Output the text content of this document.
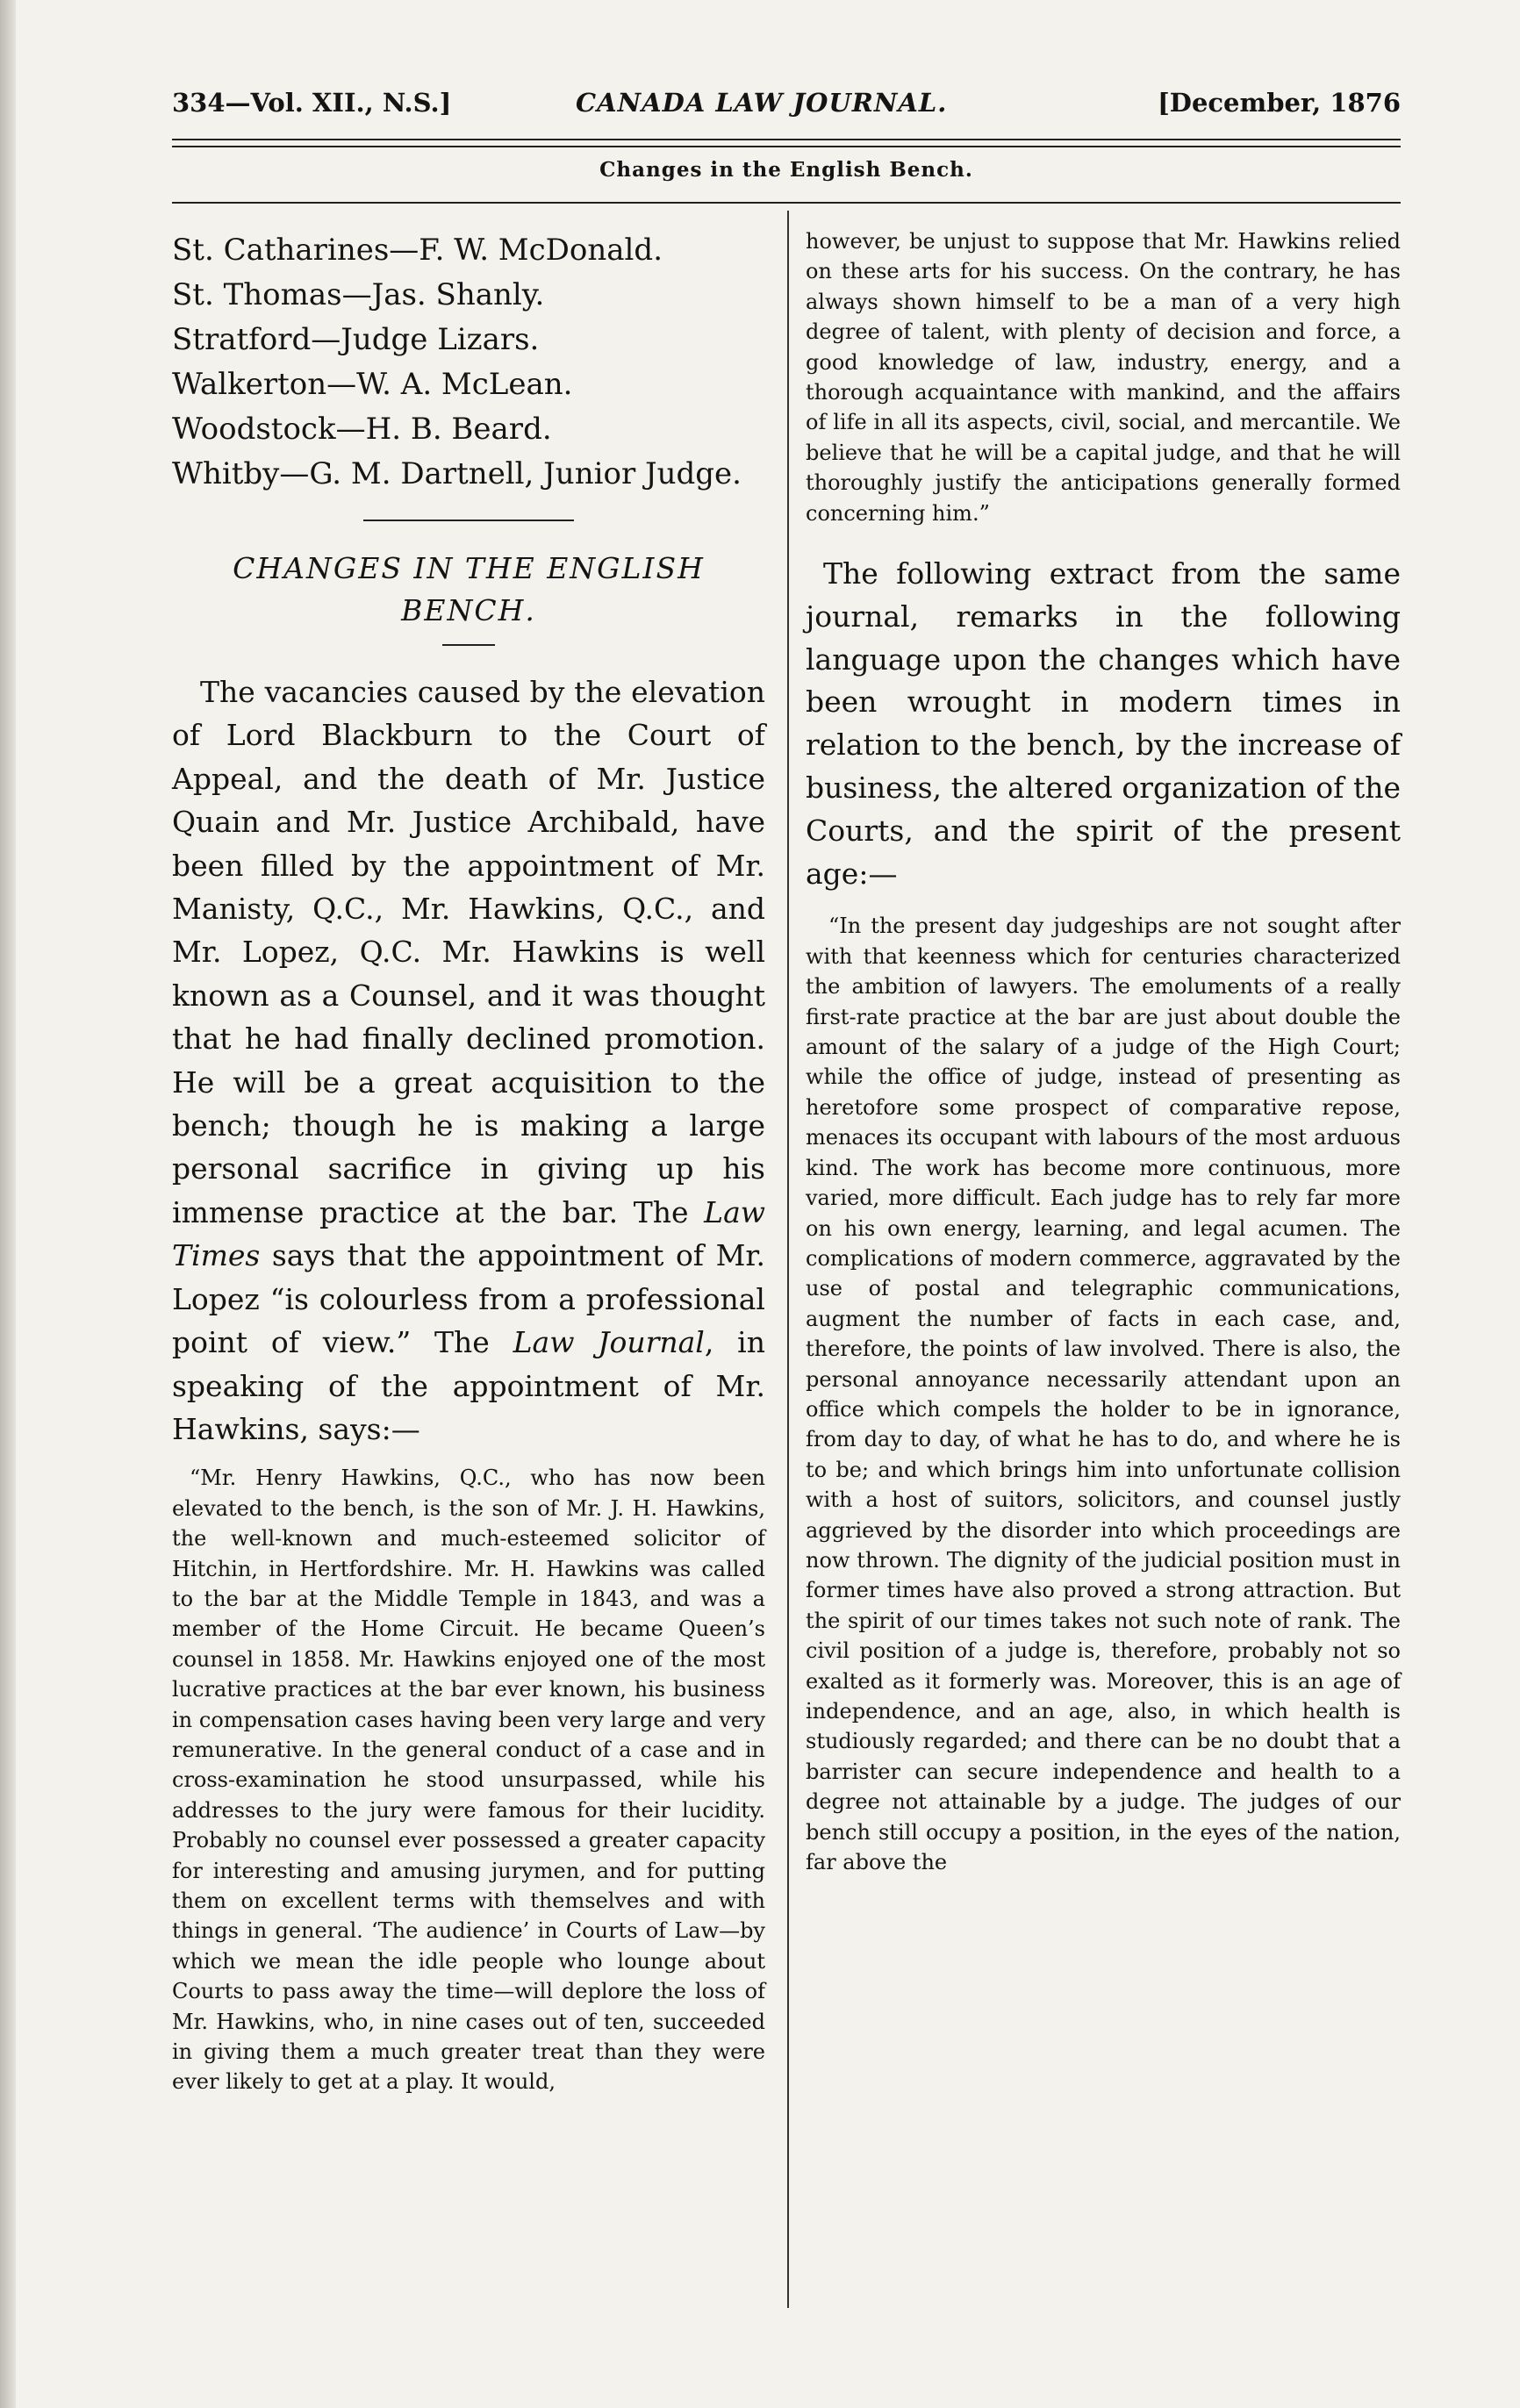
334—Vol. XII., N.S.]	CANADA LAW JOURNAL.	[December, 1876
Changes in the English Bench.

St. Catharines—F. W. McDonald.

St. Thomas—Jas. Shanly.

Stratford—Judge Lizars.

Walkerton—W. A. McLean.

Woodstock—H. B. Beard.

Whitby—G. M. Dartnell, Junior Judge.

CHANGES IN THE ENGLISH

BENCH.

The vacancies caused by the elevation of Lord Blackburn to the Court of Appeal, and the death of Mr. Justice Quain and Mr. Justice Archibald, have been filled by the appointment of Mr. Manisty, Q.C., Mr. Hawkins, Q.C., and Mr. Lopez, Q.C. Mr. Hawkins is well known as a Counsel, and it was thought that he had finally declined promotion. He will be a great acquisition to the bench; though he is making a large personal sacrifice in giving up his immense practice at the bar. The Law Times says that the appointment of Mr. Lopez “is colourless from a professional point of view.” The Law Journal, in speaking of the appointment of Mr. Hawkins, says:—

“Mr. Henry Hawkins, Q.C., who has now been elevated to the bench, is the son of Mr. J. H. Hawkins, the well-known and much-esteemed solicitor of Hitchin, in Hertfordshire. Mr. H. Hawkins was called to the bar at the Middle Temple in 1843, and was a member of the Home Circuit. He became Queen’s counsel in 1858. Mr. Hawkins enjoyed one of the most lucrative practices at the bar ever known, his business in compensation cases having been very large and very remunerative. In the general conduct of a case and in cross-examination he stood unsurpassed, while his addresses to the jury were famous for their lucidity. Probably no counsel ever possessed a greater capacity for interesting and amusing jurymen, and for putting them on excellent terms with themselves and with things in general. ‘The audience’ in Courts of Law—by which we mean the idle people who lounge about Courts to pass away the time—will deplore the loss of Mr. Hawkins, who, in nine cases out of ten, succeeded in giving them a much greater treat than they were ever likely to get at a play. It would,

however, be unjust to suppose that Mr. Hawkins relied on these arts for his success. On the contrary, he has always shown himself to be a man of a very high degree of talent, with plenty of decision and force, a good knowledge of law, industry, energy, and a thorough acquaintance with mankind, and the affairs of life in all its aspects, civil, social, and mercantile. We believe that he will be a capital judge, and that he will thoroughly justify the anticipations generally formed concerning him.”

The following extract from the same journal, remarks in the following language upon the changes which have been wrought in modern times in relation to the bench, by the increase of business, the altered organization of the Courts, and the spirit of the present age:—

“In the present day judgeships are not sought after with that keenness which for centuries characterized the ambition of lawyers. The emoluments of a really first-rate practice at the bar are just about double the amount of the salary of a judge of the High Court; while the office of judge, instead of presenting as heretofore some prospect of comparative repose, menaces its occupant with labours of the most arduous kind. The work has become more continuous, more varied, more difficult. Each judge has to rely far more on his own energy, learning, and legal acumen. The complications of modern commerce, aggravated by the use of postal and telegraphic communications, augment the number of facts in each case, and, therefore, the points of law involved. There is also, the personal annoyance necessarily attendant upon an office which compels the holder to be in ignorance, from day to day, of what he has to do, and where he is to be; and which brings him into unfortunate collision with a host of suitors, solicitors, and counsel justly aggrieved by the disorder into which proceedings are now thrown. The dignity of the judicial position must in former times have also proved a strong attraction. But the spirit of our times takes not such note of rank. The civil position of a judge is, therefore, probably not so exalted as it formerly was. Moreover, this is an age of independence, and an age, also, in which health is studiously regarded; and there can be no doubt that a barrister can secure independence and health to a degree not attainable by a judge. The judges of our bench still occupy a position, in the eyes of the nation, far above the
